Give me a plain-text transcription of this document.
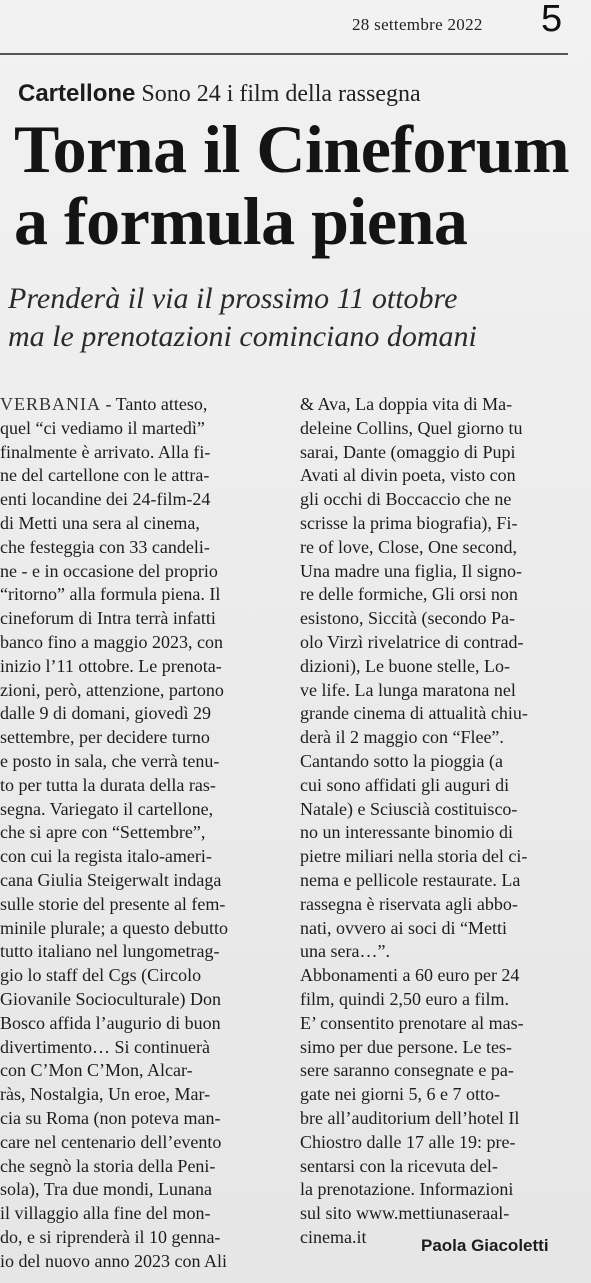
28 settembre 2022 5
Cartellone Sono 24 i film della rassegna
Torna il Cineforum
a formula piena
Prenderà il via il prossimo 11 ottobre
ma le prenotazioni cominciano domani
VERBANIA - Tanto atteso,
quel “ci vediamo il martedì”
finalmente è arrivato. Alla fi-
ne del cartellone con le attra-
enti locandine dei 24-film-24
di Metti una sera al cinema,
che festeggia con 33 candeli-
ne - e in occasione del proprio
“ritorno” alla formula piena. Il
cineforum di Intra terrà infatti
banco fino a maggio 2023, con
inizio l’11 ottobre. Le prenota-
zioni, però, attenzione, partono
dalle 9 di domani, giovedì 29
settembre, per decidere turno
e posto in sala, che verrà tenu-
to per tutta la durata della ras-
segna. Variegato il cartellone,
che si apre con “Settembre”,
con cui la regista italo-ameri-
cana Giulia Steigerwalt indaga
sulle storie del presente al fem-
minile plurale; a questo debutto
tutto italiano nel lungometrag-
gio lo staff del Cgs (Circolo
Giovanile Socioculturale) Don
Bosco affida l’augurio di buon
divertimento… Si continuerà
con C’Mon C’Mon, Alcar-
ràs, Nostalgia, Un eroe, Mar-
cia su Roma (non poteva man-
care nel centenario dell’evento
che segnò la storia della Peni-
sola), Tra due mondi, Lunana
il villaggio alla fine del mon-
do, e si riprenderà il 10 genna-
io del nuovo anno 2023 con Ali
& Ava, La doppia vita di Ma-
deleine Collins, Quel giorno tu
sarai, Dante (omaggio di Pupi
Avati al divin poeta, visto con
gli occhi di Boccaccio che ne
scrisse la prima biografia), Fi-
re of love, Close, One second,
Una madre una figlia, Il signo-
re delle formiche, Gli orsi non
esistono, Siccità (secondo Pa-
olo Virzì rivelatrice di contrad-
dizioni), Le buone stelle, Lo-
ve life. La lunga maratona nel
grande cinema di attualità chiu-
derà il 2 maggio con “Flee”.
Cantando sotto la pioggia (a
cui sono affidati gli auguri di
Natale) e Sciuscià costituisco-
no un interessante binomio di
pietre miliari nella storia del ci-
nema e pellicole restaurate. La
rassegna è riservata agli abbo-
nati, ovvero ai soci di “Metti
una sera…”.
Abbonamenti a 60 euro per 24
film, quindi 2,50 euro a film.
E’ consentito prenotare al mas-
simo per due persone. Le tes-
sere saranno consegnate e pa-
gate nei giorni 5, 6 e 7 otto-
bre all’auditorium dell’hotel Il
Chiostro dalle 17 alle 19: pre-
sentarsi con la ricevuta del-
la prenotazione. Informazioni
sul sito www.mettiunaseraal-
cinema.it	Paola Giacoletti
